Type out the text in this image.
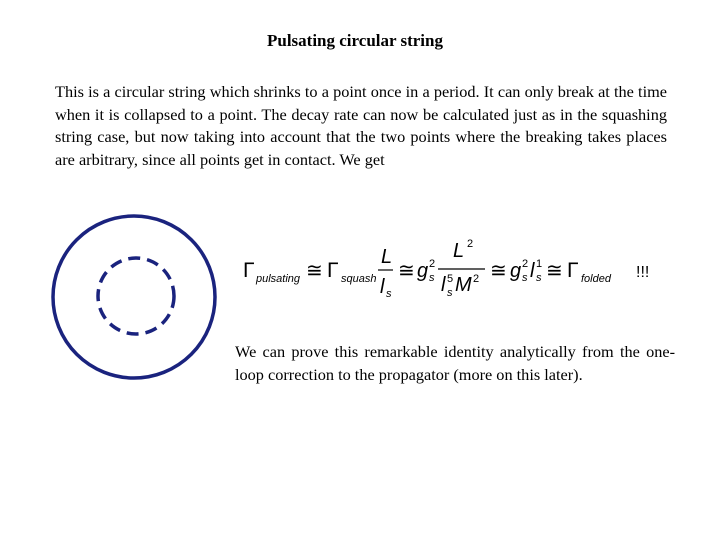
Pulsating circular string
This is a circular string which shrinks to a point once in a period. It can only break at the time when it is collapsed to a point. The decay rate can now be calculated just as in the squashing string case, but now taking into account that the two points where the breaking takes places are arbitrary, since all points get in contact. We get
Γ pulsating ≅ Γ squash
L
l s
≅ g 2
s
L 2
l 5
s M 2 ≅ g 2
s l 1
s ≅ Γ folded !!!
We can prove this remarkable identity analytically from the one-loop correction to the propagator (more on this later).
